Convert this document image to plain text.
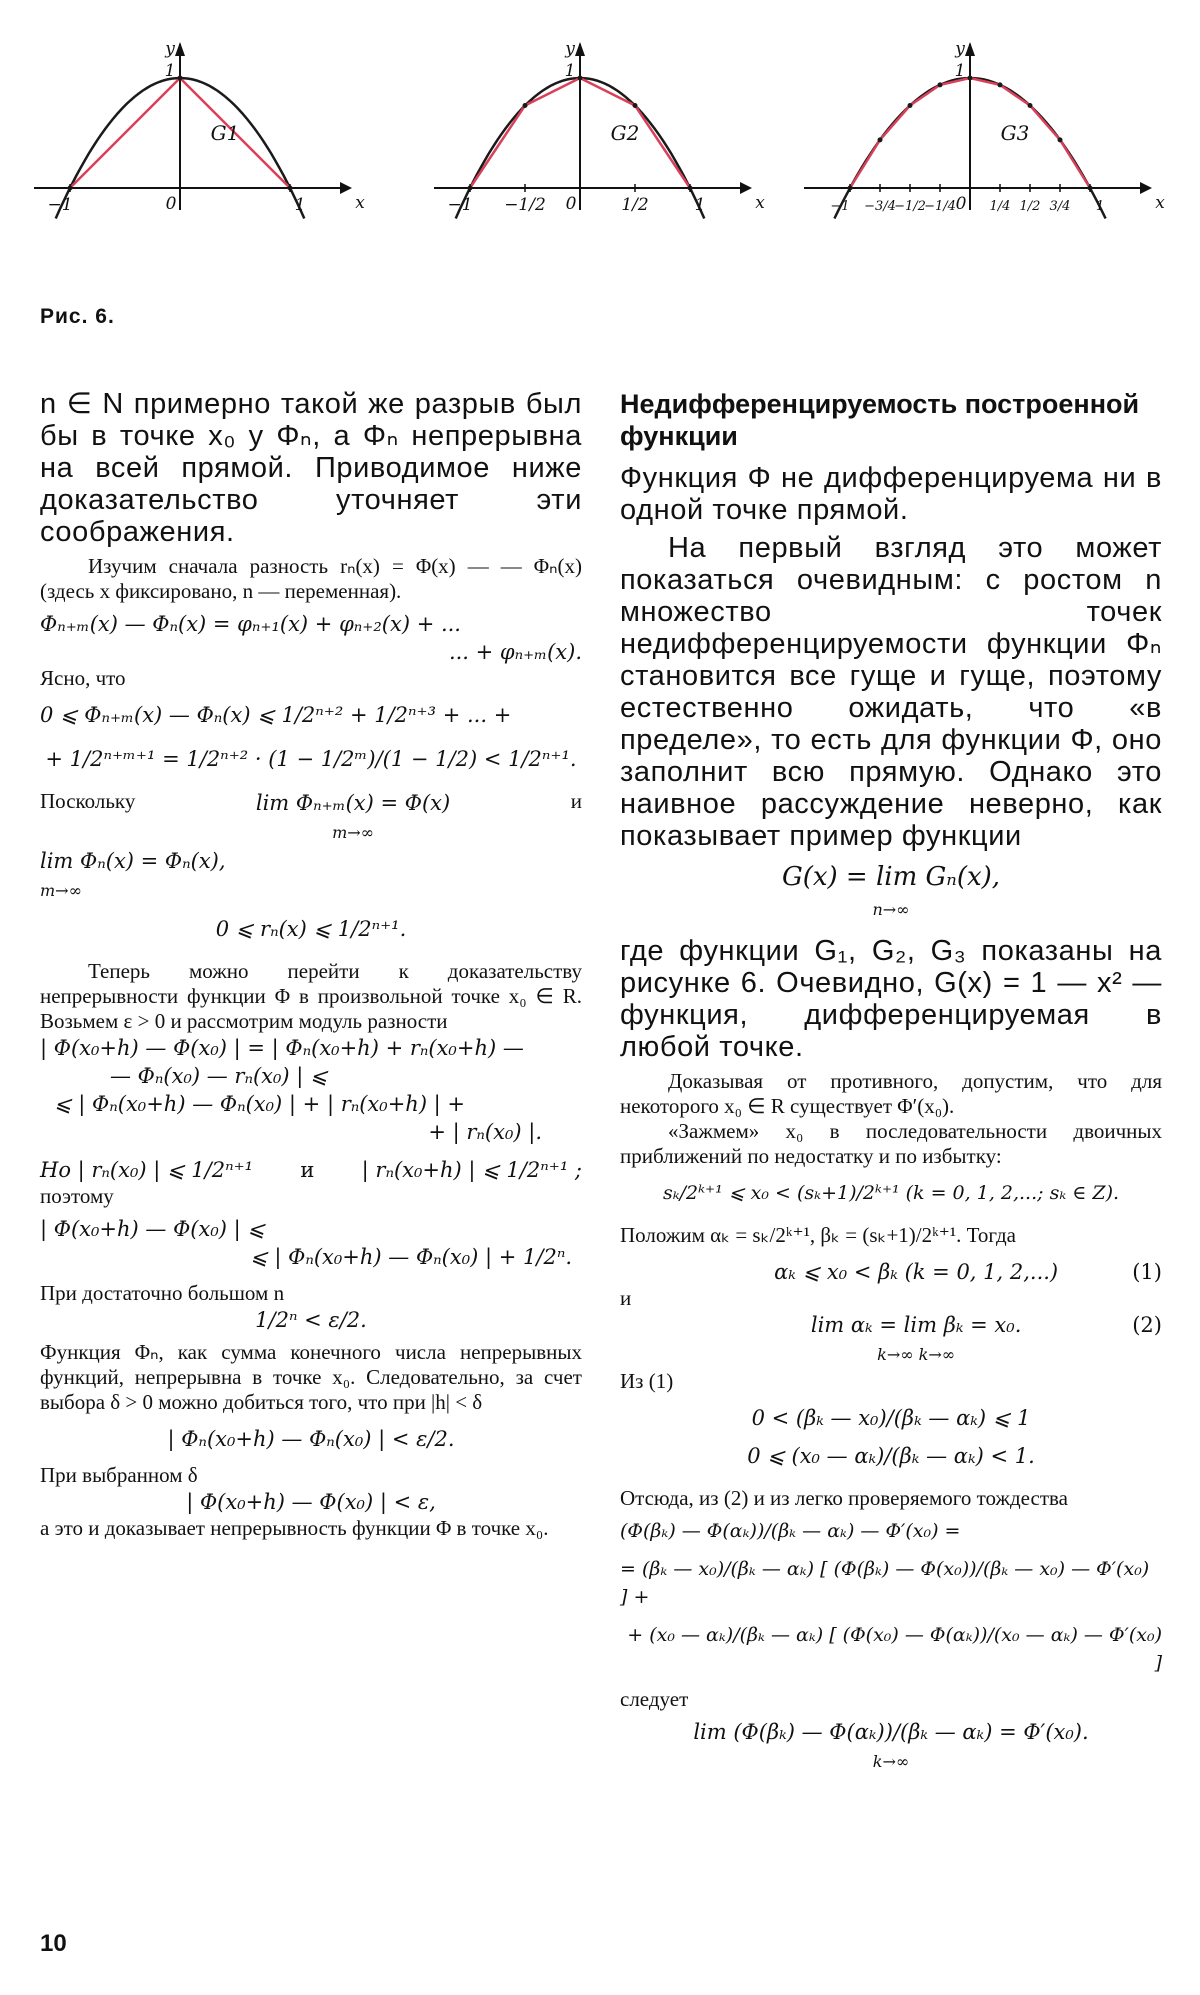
y
x
1
0
G1
−1	1
y
x
1
0
G2
−1 −1/2	1/2	1
y
x
1
0
G3
−1 −3/4
−1/2
−1/4	1/4 1/2 3/4 1
Рис. 6.

n ∈ N примерно такой же разрыв был бы в точке x₀ у Φₙ, а Φₙ непрерывна на всей прямой. Приводимое ниже доказательство уточняет эти соображения.

Изучим сначала разность rₙ(x) = Φ(x) — — Φₙ(x) (здесь x фиксировано, n — переменная).

Φₙ₊ₘ(x) — Φₙ(x) = φₙ₊₁(x) + φₙ₊₂(x) + ...
... + φₙ₊ₘ(x).

Ясно, что

0 ⩽ Φₙ₊ₘ(x) — Φₙ(x) ⩽ 1/2ⁿ⁺² + 1/2ⁿ⁺³ + ... +
+ 1/2ⁿ⁺ᵐ⁺¹ = 1/2ⁿ⁺² · (1 − 1/2ᵐ)/(1 − 1/2) < 1/2ⁿ⁺¹.
Поскольку	lim Φₙ₊ₘ(x) = Φ(x)
m→∞
и
lim Φₙ(x) = Φₙ(x),
m→∞
0 ⩽ rₙ(x) ⩽ 1/2ⁿ⁺¹.

Теперь можно перейти к доказательству непрерывности функции Φ в произвольной точке x₀ ∈ R. Возьмем ε > 0 и рассмотрим модуль разности

| Φ(x₀+h) — Φ(x₀) | = | Φₙ(x₀+h) + rₙ(x₀+h) —
— Φₙ(x₀) — rₙ(x₀) | ⩽
⩽ | Φₙ(x₀+h) — Φₙ(x₀) | + | rₙ(x₀+h) | +
+ | rₙ(x₀) |.
Но | rₙ(x₀) | ⩽ 1/2ⁿ⁺¹ и | rₙ(x₀+h) | ⩽ 1/2ⁿ⁺¹ ;

поэтому

| Φ(x₀+h) — Φ(x₀) | ⩽
⩽ | Φₙ(x₀+h) — Φₙ(x₀) | + 1/2ⁿ.

При достаточно большом n

1/2ⁿ < ε/2.

Функция Φₙ, как сумма конечного числа непрерывных функций, непрерывна в точке x₀. Следовательно, за счет выбора δ > 0 можно добиться того, что при |h| < δ

| Φₙ(x₀+h) — Φₙ(x₀) | < ε/2.

При выбранном δ

| Φ(x₀+h) — Φ(x₀) | < ε,

а это и доказывает непрерывность функции Φ в точке x₀.

Недифференцируемость построенной функции

Функция Φ не дифференцируема ни в одной точке прямой.

На первый взгляд это может показаться очевидным: с ростом n множество точек недифференцируемости функции Φₙ становится все гуще и гуще, поэтому естественно ожидать, что «в пределе», то есть для функции Φ, оно заполнит всю прямую. Однако это наивное рассуждение неверно, как показывает пример функции

G(x) = lim Gₙ(x),
n→∞

где функции G₁, G₂, G₃ показаны на рисунке 6. Очевидно, G(x) = 1 — x² — функция, дифференцируемая в любой точке.

Доказывая от противного, допустим, что для некоторого x₀ ∈ R существует Φ′(x₀).

«Зажмем» x₀ в последовательности двоичных приближений по недостатку и по избытку:

sₖ/2ᵏ⁺¹ ⩽ x₀ < (sₖ+1)/2ᵏ⁺¹ (k = 0, 1, 2,...; sₖ ∈ Z).

Положим αₖ = sₖ/2ᵏ⁺¹, βₖ = (sₖ+1)/2ᵏ⁺¹. Тогда

αₖ ⩽ x₀ < βₖ (k = 0, 1, 2,...)	(1)

и

lim αₖ = lim βₖ = x₀.
k→∞ k→∞
(2)

Из (1)

0 < (βₖ — x₀)/(βₖ — αₖ) ⩽ 1
0 ⩽ (x₀ — αₖ)/(βₖ — αₖ) < 1.

Отсюда, из (2) и из легко проверяемого тождества

(Φ(βₖ) — Φ(αₖ))/(βₖ — αₖ) — Φ′(x₀) =
= (βₖ — x₀)/(βₖ — αₖ) [ (Φ(βₖ) — Φ(x₀))/(βₖ — x₀) — Φ′(x₀) ] +
+ (x₀ — αₖ)/(βₖ — αₖ) [ (Φ(x₀) — Φ(αₖ))/(x₀ — αₖ) — Φ′(x₀) ]

следует

lim (Φ(βₖ) — Φ(αₖ))/(βₖ — αₖ) = Φ′(x₀).
k→∞
10
